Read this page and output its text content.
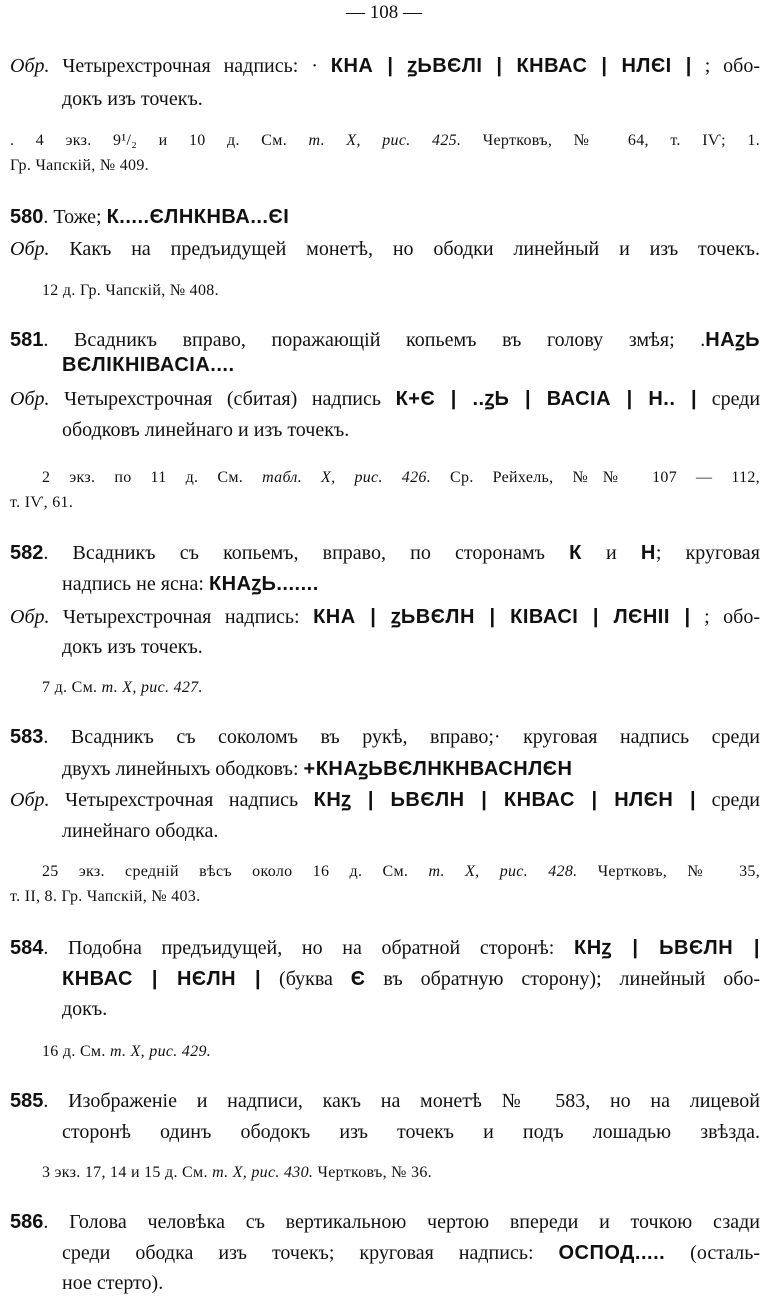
— 108 —
Обр. Четырехстрочная надпись: · КНА | ꙁЬВЄЛІ | КНВАС | НЛЄІ | ; обо-
докъ изъ точекъ.
. 4 экз. 9¹/₂ и 10 д. См. т. X, рис. 425. Чертковъ, № 64, т. IѴ; 1.
Гр. Чапскій, № 409.
580. Тоже; К.....ЄЛНКНВА...ЄІ
Обр. Какъ на предъидущей монетѣ, но ободки линейный и изъ точекъ.
12 д. Гр. Чапскій, № 408.
581. Всадникъ вправо, поражающій копьемъ въ голову змѣя; .НАꙁЬ
ВЄЛІКНІВАСІА....
Обр. Четырехстрочная (сбитая) надпись К+Є | ..ꙁЬ | ВАСІА | Н.. | среди
ободковъ линейнаго и изъ точекъ.
2 экз. по 11 д. См. табл. X, рис. 426. Ср. Рейхель, №№ 107 — 112,
т. IѴ, 61.
582. Всадникъ съ копьемъ, вправо, по сторонамъ К и Н; круговая
надпись не ясна: КНАꙁЬ.......
Обр. Четырехстрочная надпись: КНА | ꙁЬВЄЛН | КІВАСІ | ЛЄНІІ | ; обо-
докъ изъ точекъ.
7 д. См. т. X, рис. 427.
583. Всадникъ съ соколомъ въ рукѣ, вправо;· круговая надпись среди
двухъ линейныхъ ободковъ: +КНАꙁЬВЄЛНКНВАСНЛЄН
Обр. Четырехстрочная надпись КНꙁ | ЬВЄЛН | КНВАС | НЛЄН | среди
линейнаго ободка.
25 экз. средній вѣсъ около 16 д. См. т. X, рис. 428. Чертковъ, № 35,
т. II, 8. Гр. Чапскій, № 403.
584. Подобна предъидущей, но на обратной сторонѣ: КНꙁ | ЬВЄЛН |
КНВАС | НЄЛН | (буква Є въ обратную сторону); линейный обо-
докъ.
16 д. См. т. X, рис. 429.
585. Изображеніе и надписи, какъ на монетѣ № 583, но на лицевой
сторонѣ одинъ ободокъ изъ точекъ и подъ лошадью звѣзда.
3 экз. 17, 14 и 15 д. См. т. X, рис. 430. Чертковъ, № 36.
586. Голова человѣка съ вертикальною чертою впереди и точкою сзади
среди ободка изъ точекъ; круговая надпись: ОСПОД..... (осталь-
ное стерто).
